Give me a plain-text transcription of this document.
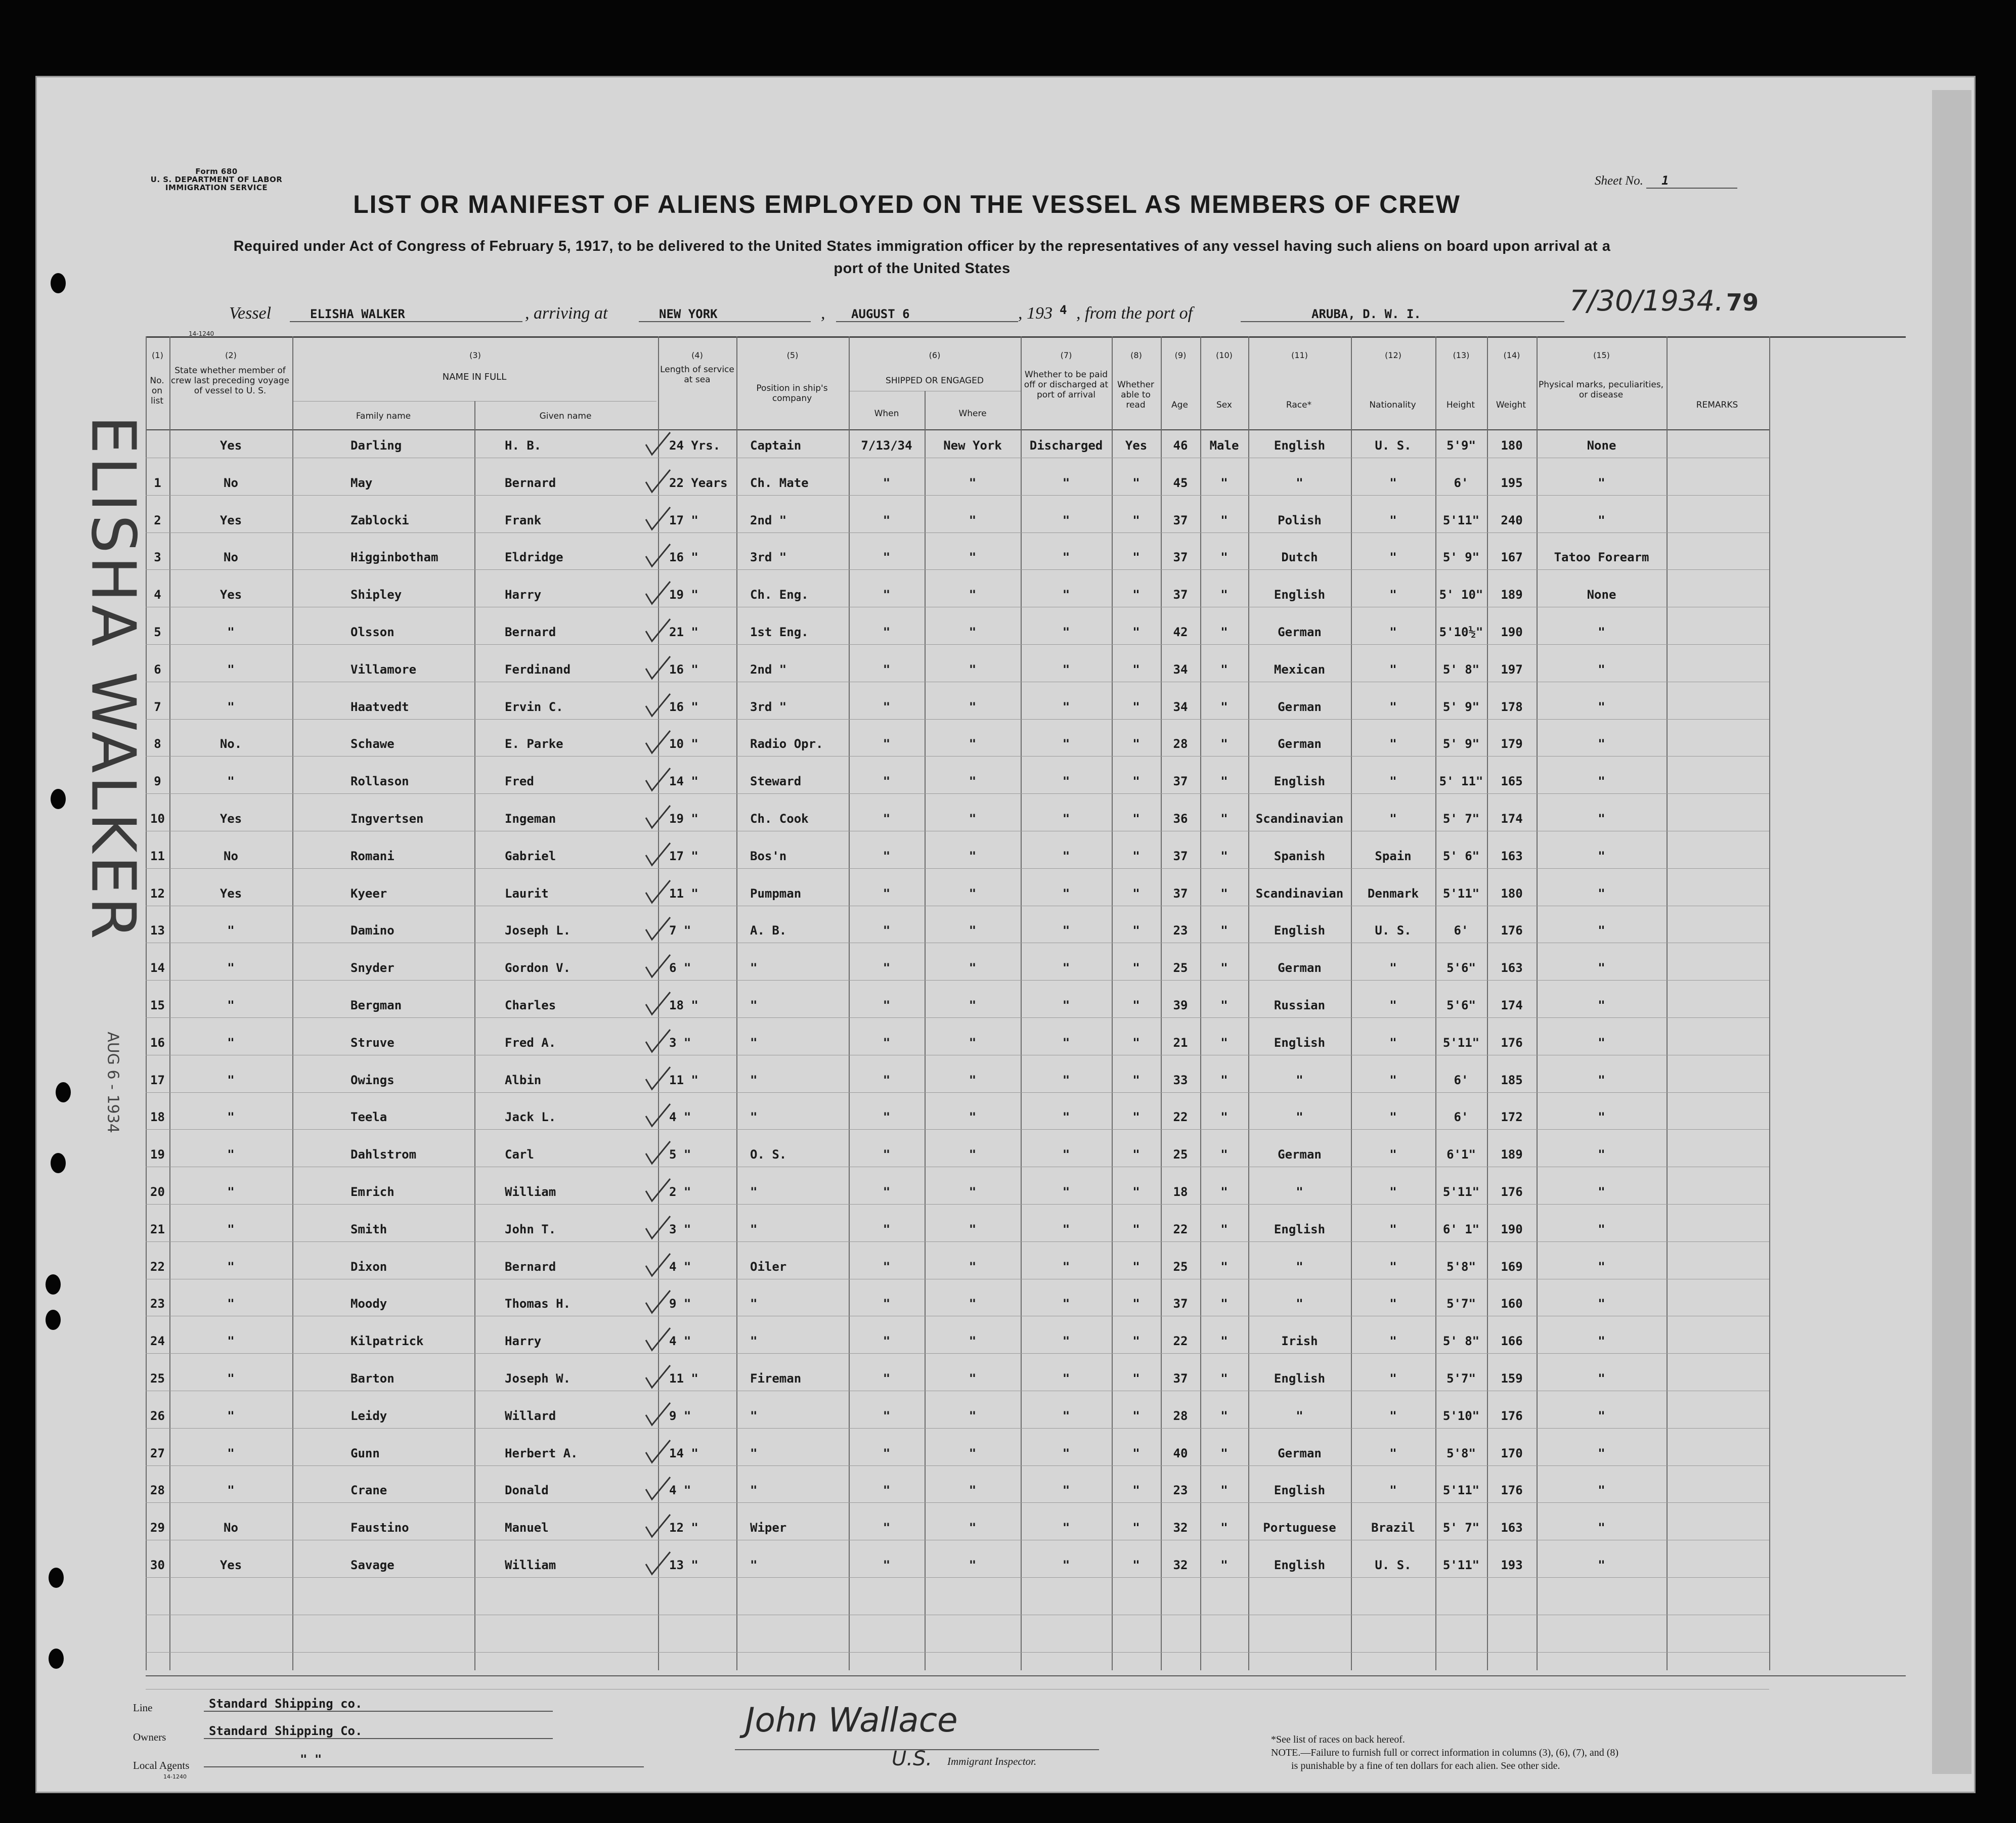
Form 680
U. S. DEPARTMENT OF LABOR
IMMIGRATION SERVICE	Sheet No. 1
LIST OR MANIFEST OF ALIENS EMPLOYED ON THE VESSEL AS MEMBERS OF CREW
Required under Act of Congress of February 5, 1917, to be delivered to the United States immigration officer by the representatives of any vessel having such aliens on board upon arrival at a
port of the United States
Vessel	ELISHA WALKER	, arriving at	NEW YORK	,	AUGUST 6	, 193 4 , from the port of	ARUBA, D. W. I.	7/30/1934. 79
14-1240
(1)	(2)	(3)	(4)	(5)	(6)	(7)	(8)	(9)	(10)	(11)	(12)	(13)	(14)	(15)
No. on list
State whether member of crew last preceding voyage of vessel to U. S.
NAME IN FULL
Family name	Given name
Length of service at sea
Position in ship's company
SHIPPED OR ENGAGED
When	Where
Whether to be paid off or discharged at port of arrival
Whether able to read	Age	Sex	Race*	Nationality	Height	Weight
Physical marks, peculiarities, or disease
REMARKS
Yes	Darling	H. B.	24 Yrs.	Captain	7/13/34	New York	Discharged	Yes	46	Male	English	U. S.	5'9"	180	None
1	No	May	Bernard	22 Years	Ch. Mate	"	"	"	"	45	"	"	"	6'	195	"
2	Yes	Zablocki	Frank	17 "	2nd "	"	"	"	"	37	"	Polish	"	5'11"	240	"
3	No	Higginbotham	Eldridge	16 "	3rd "	"	"	"	"	37	"	Dutch	"	5' 9"	167	Tatoo Forearm
4	Yes	Shipley	Harry	19 "	Ch. Eng.	"	"	"	"	37	"	English	"	5' 10"	189	None
5	"	Olsson	Bernard	21 "	1st Eng.	"	"	"	"	42	"	German	"	5'10½"	190	"
6	"	Villamore	Ferdinand	16 "	2nd "	"	"	"	"	34	"	Mexican	"	5' 8"	197	"
7	"	Haatvedt	Ervin C.	16 "	3rd "	"	"	"	"	34	"	German	"	5' 9"	178	"
8	No.	Schawe	E. Parke	10 "	Radio Opr.	"	"	"	"	28	"	German	"	5' 9"	179	"
9	"	Rollason	Fred	14 "	Steward	"	"	"	"	37	"	English	"	5' 11"	165	"
10	Yes	Ingvertsen	Ingeman	19 "	Ch. Cook	"	"	"	"	36	"	Scandinavian	"	5' 7"	174	"
11	No	Romani	Gabriel	17 "	Bos'n	"	"	"	"	37	"	Spanish	Spain	5' 6"	163	"
12	Yes	Kyeer	Laurit	11 "	Pumpman	"	"	"	"	37	"	Scandinavian	Denmark	5'11"	180	"
13	"	Damino	Joseph L.	7 "	A. B.	"	"	"	"	23	"	English	U. S.	6'	176	"
14	"	Snyder	Gordon V.	6 "	"	"	"	"	"	25	"	German	"	5'6"	163	"
15	"	Bergman	Charles	18 "	"	"	"	"	"	39	"	Russian	"	5'6"	174	"
16	"	Struve	Fred A.	3 "	"	"	"	"	"	21	"	English	"	5'11"	176	"
17	"	Owings	Albin	11 "	"	"	"	"	"	33	"	"	"	6'	185	"
18	"	Teela	Jack L.	4 "	"	"	"	"	"	22	"	"	"	6'	172	"
19	"	Dahlstrom	Carl	5 "	O. S.	"	"	"	"	25	"	German	"	6'1"	189	"
20	"	Emrich	William	2 "	"	"	"	"	"	18	"	"	"	5'11"	176	"
21	"	Smith	John T.	3 "	"	"	"	"	"	22	"	English	"	6' 1"	190	"
22	"	Dixon	Bernard	4 "	Oiler	"	"	"	"	25	"	"	"	5'8"	169	"
23	"	Moody	Thomas H.	9 "	"	"	"	"	"	37	"	"	"	5'7"	160	"
24	"	Kilpatrick	Harry	4 "	"	"	"	"	"	22	"	Irish	"	5' 8"	166	"
25	"	Barton	Joseph W.	11 "	Fireman	"	"	"	"	37	"	English	"	5'7"	159	"
26	"	Leidy	Willard	9 "	"	"	"	"	"	28	"	"	"	5'10"	176	"
27	"	Gunn	Herbert A.	14 "	"	"	"	"	"	40	"	German	"	5'8"	170	"
28	"	Crane	Donald	4 "	"	"	"	"	"	23	"	English	"	5'11"	176	"
29	No	Faustino	Manuel	12 "	Wiper	"	"	"	"	32	"	Portuguese	Brazil	5' 7"	163	"
30	Yes	Savage	William	13 "	"	"	"	"	"	32	"	English	U. S.	5'11"	193	"
Line	Standard Shipping co.
Owners	Standard Shipping Co.
Local Agents	" "
14-1240
John Wallace
U.S. Immigrant Inspector.
*See list of races on back hereof.
NOTE.—Failure to furnish full or correct information in columns (3), (6), (7), and (8)
is punishable by a fine of ten dollars for each alien. See other side.
ELISHA WALKER
AUG 6 - 1934
